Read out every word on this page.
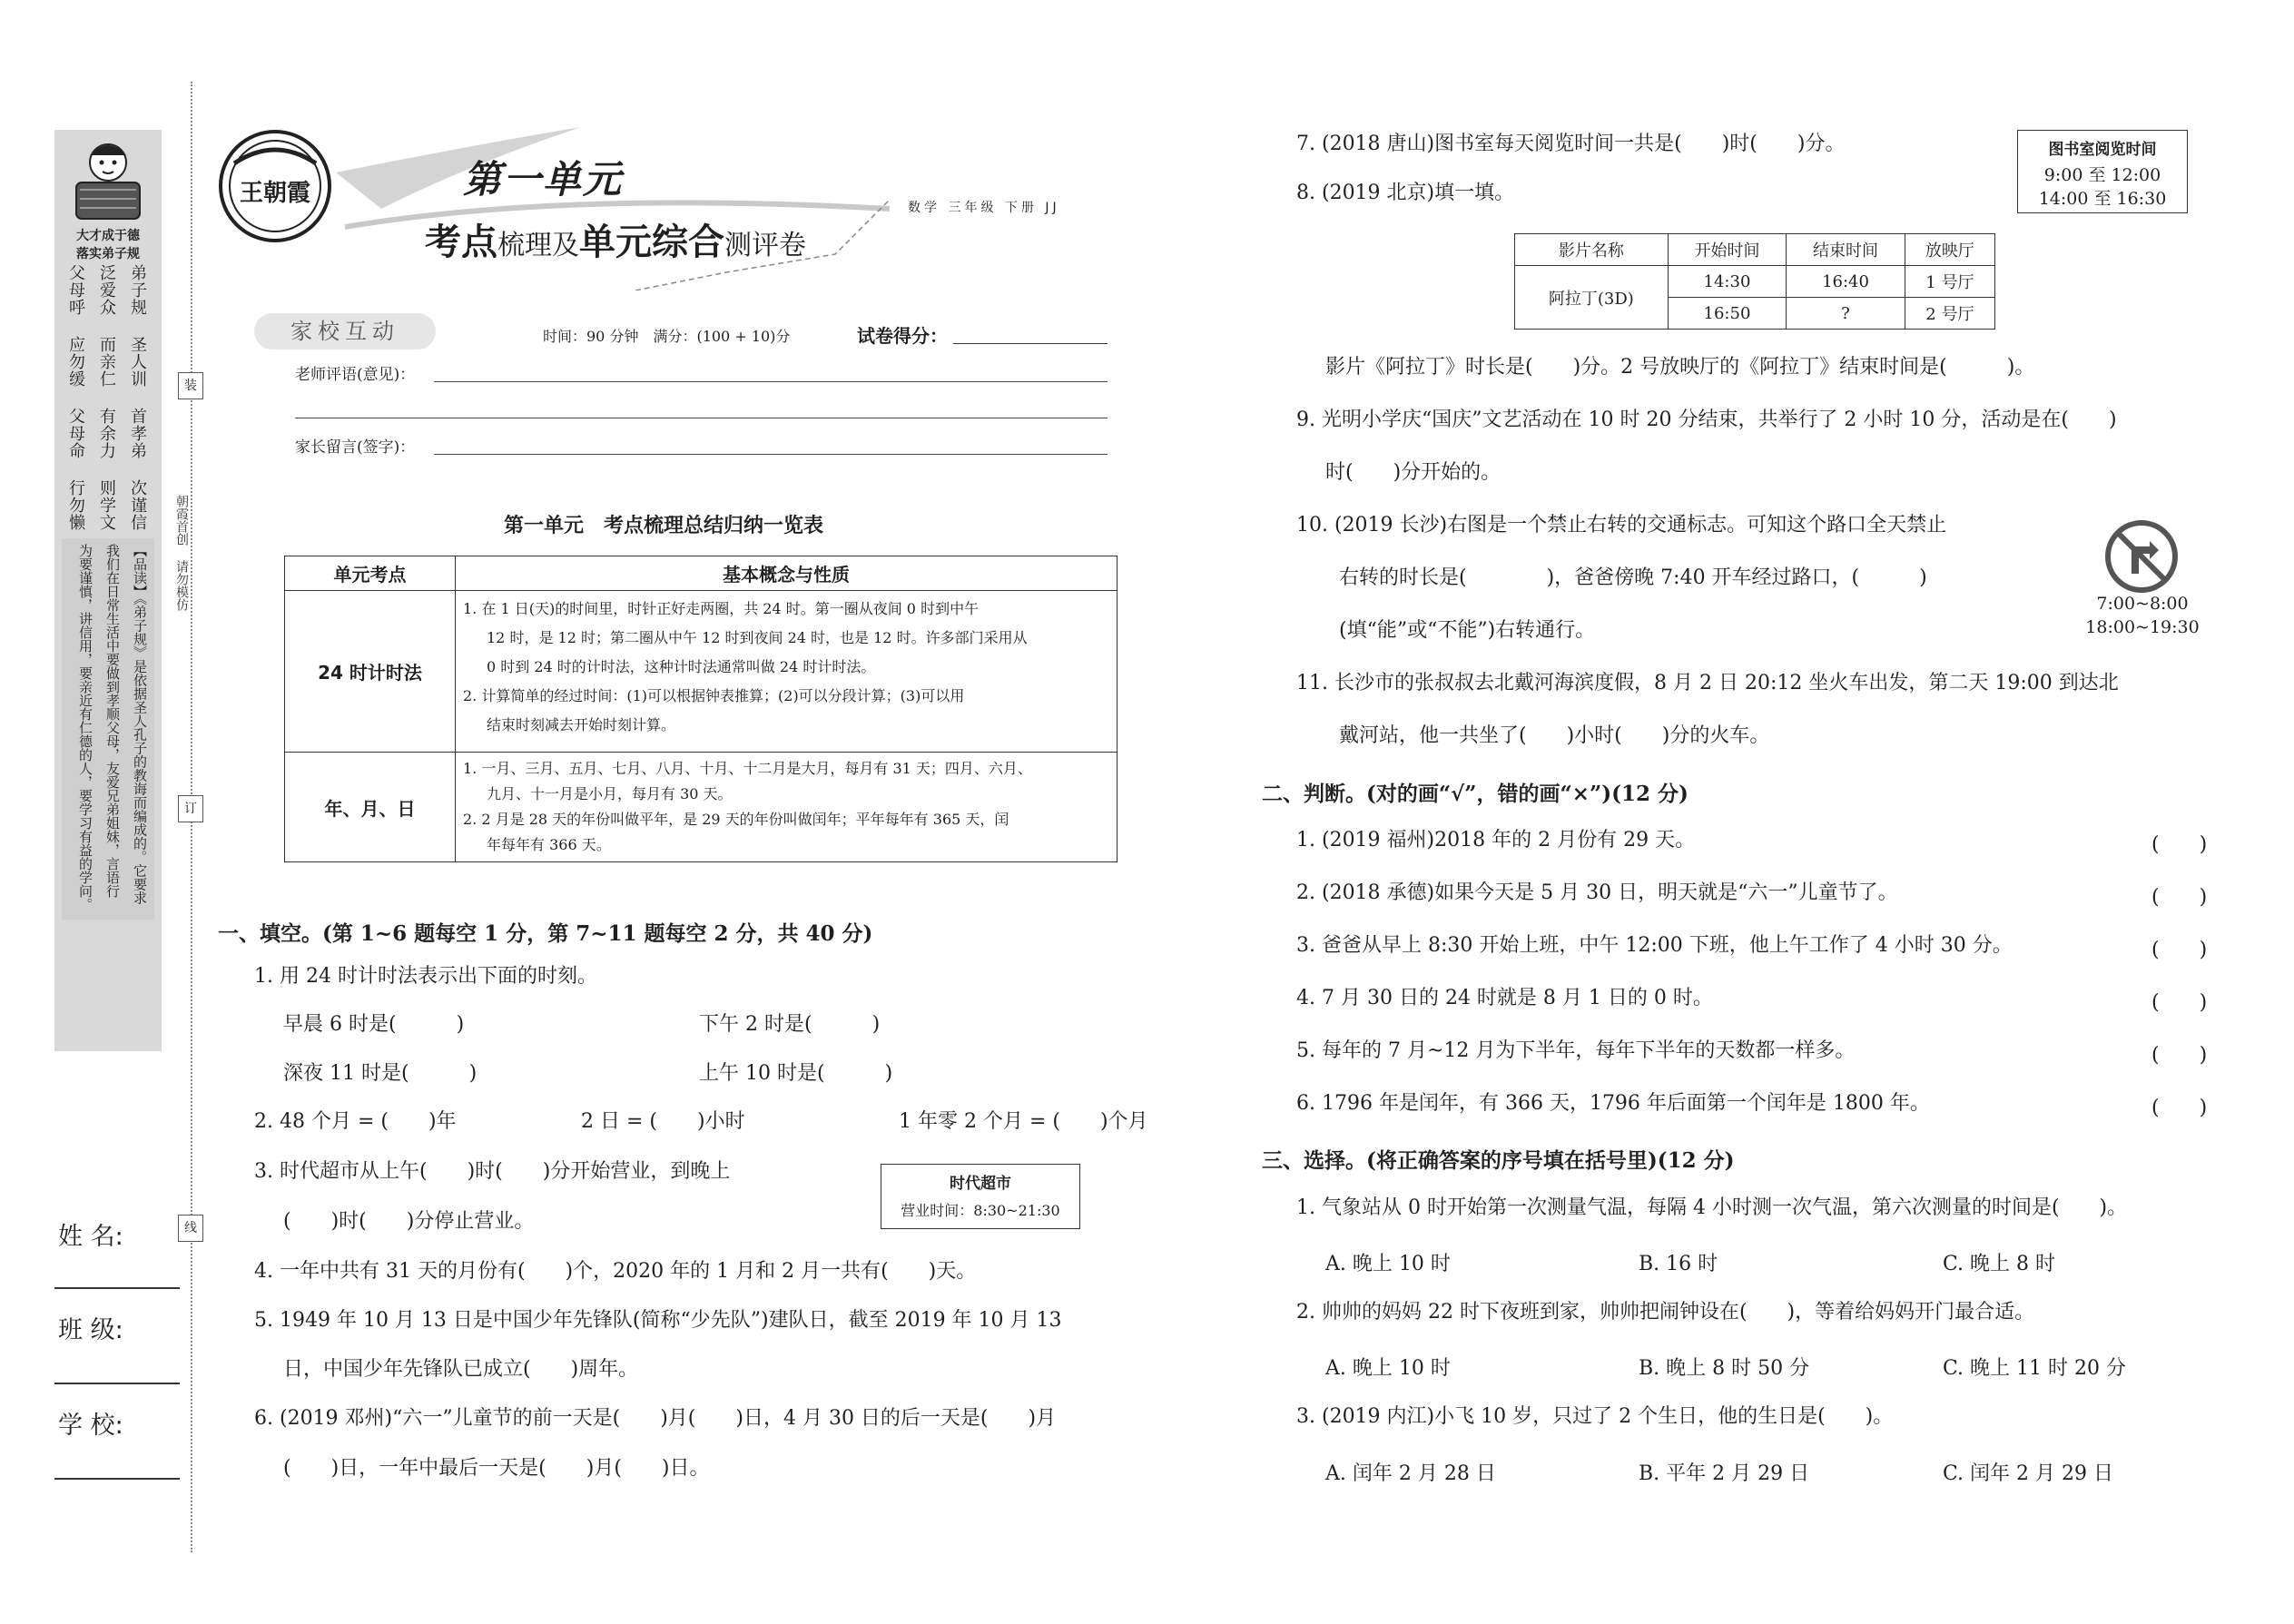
大才成于德
落实弟子规
弟子规 圣人训 首孝弟 次谨信
泛爱众 而亲仁 有余力 则学文
父母呼 应勿缓 父母命 行勿懒
【品读】《弟子规》是依据圣人孔子的教诲而编成的。它要求
我们在日常生活中要做到孝顺父母，友爱兄弟姐妹，言语行
为要谨慎，讲信用，要亲近有仁德的人，要学习有益的学问。	朝霞首创 请勿模仿
装
订
线
姓 名:
班 级:
学 校:
王朝霞	第一单元
考点梳理及单元综合测评卷
数学 三年级 下册 JJ
家校互动	时间：90 分钟　满分：(100 + 10)分	试卷得分：
老师评语(意见)：
家长留言(签字)：
第一单元　考点梳理总结归纳一览表
单元考点	基本概念与性质
24 时计时法	1. 在 1 日(天)的时间里，时针正好走两圈，共 24 时。第一圈从夜间 0 时到中午
12 时，是 12 时；第二圈从中午 12 时到夜间 24 时，也是 12 时。许多部门采用从
0 时到 24 时的计时法，这种计时法通常叫做 24 时计时法。
2. 计算简单的经过时间：(1)可以根据钟表推算；(2)可以分段计算；(3)可以用
结束时刻减去开始时刻计算。

年、月、日	1. 一月、三月、五月、七月、八月、十月、十二月是大月，每月有 31 天；四月、六月、
九月、十一月是小月，每月有 30 天。
2. 2 月是 28 天的年份叫做平年，是 29 天的年份叫做闰年；平年每年有 365 天，闰
年每年有 366 天。
一、填空。(第 1~6 题每空 1 分，第 7~11 题每空 2 分，共 40 分)
1. 用 24 时计时法表示出下面的时刻。
早晨 6 时是(　　　)	下午 2 时是(　　　)
深夜 11 时是(　　　)	上午 10 时是(　　　)
2. 48 个月 = (　　)年	2 日 = (　　)小时	1 年零 2 个月 = (　　)个月
3. 时代超市从上午(　　)时(　　)分开始营业，到晚上
(　　)时(　　)分停止营业。
时代超市
营业时间：8:30~21:30
4. 一年中共有 31 天的月份有(　　)个，2020 年的 1 月和 2 月一共有(　　)天。
5. 1949 年 10 月 13 日是中国少年先锋队(简称“少先队”)建队日，截至 2019 年 10 月 13
日，中国少年先锋队已成立(　　)周年。
6. (2019 邓州)“六一”儿童节的前一天是(　　)月(　　)日，4 月 30 日的后一天是(　　)月
(　　)日，一年中最后一天是(　　)月(　　)日。
7. (2018 唐山)图书室每天阅览时间一共是(　　)时(　　)分。	图书室阅览时间
9:00 至 12:00
14:00 至 16:30
8. (2019 北京)填一填。
影片名称	开始时间	结束时间	放映厅
阿拉丁(3D)	14:30	16:40	1 号厅
	16:50	?	2 号厅
影片《阿拉丁》时长是(　　)分。2 号放映厅的《阿拉丁》结束时间是(　　　)。
9. 光明小学庆“国庆”文艺活动在 10 时 20 分结束，共举行了 2 小时 10 分，活动是在(　　)
时(　　)分开始的。
10. (2019 长沙)右图是一个禁止右转的交通标志。可知这个路口全天禁止
右转的时长是(　　　　)，爸爸傍晚 7:40 开车经过路口，(　　　)
(填“能”或“不能”)右转通行。
7:00~8:00
18:00~19:30
11. 长沙市的张叔叔去北戴河海滨度假，8 月 2 日 20:12 坐火车出发，第二天 19:00 到达北
戴河站，他一共坐了(　　)小时(　　)分的火车。
二、判断。(对的画“√”，错的画“×”)(12 分)
1. (2019 福州)2018 年的 2 月份有 29 天。	(　　)
2. (2018 承德)如果今天是 5 月 30 日，明天就是“六一”儿童节了。	(　　)
3. 爸爸从早上 8:30 开始上班，中午 12:00 下班，他上午工作了 4 小时 30 分。	(　　)
4. 7 月 30 日的 24 时就是 8 月 1 日的 0 时。	(　　)
5. 每年的 7 月~12 月为下半年，每年下半年的天数都一样多。	(　　)
6. 1796 年是闰年，有 366 天，1796 年后面第一个闰年是 1800 年。	(　　)
三、选择。(将正确答案的序号填在括号里)(12 分)
1. 气象站从 0 时开始第一次测量气温，每隔 4 小时测一次气温，第六次测量的时间是(　　)。
A. 晚上 10 时	B. 16 时	C. 晚上 8 时
2. 帅帅的妈妈 22 时下夜班到家，帅帅把闹钟设在(　　)，等着给妈妈开门最合适。
A. 晚上 10 时	B. 晚上 8 时 50 分	C. 晚上 11 时 20 分
3. (2019 内江)小飞 10 岁，只过了 2 个生日，他的生日是(　　)。
A. 闰年 2 月 28 日	B. 平年 2 月 29 日	C. 闰年 2 月 29 日
